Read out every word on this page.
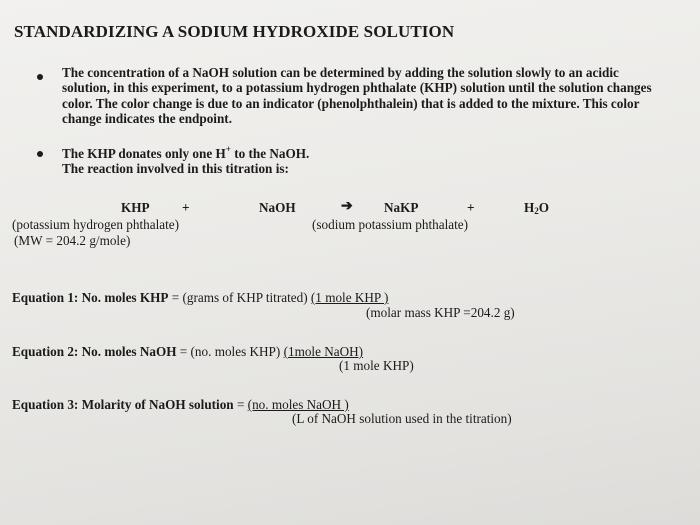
STANDARDIZING A SODIUM HYDROXIDE SOLUTION
The concentration of a NaOH solution can be determined by adding the solution slowly to an acidic
solution, in this experiment, to a potassium hydrogen phthalate (KHP) solution until the solution changes
color. The color change is due to an indicator (phenolphthalein) that is added to the mixture. This color
change indicates the endpoint.
The KHP donates only one H+ to the NaOH.
The reaction involved in this titration is:
KHP +	NaOH	➔ NaKP	+	$H_2O$
(potassium hydrogen phthalate)
(MW = 204.2 g/mole)
(sodium potassium phthalate)
Equation 1: No. moles KHP = (grams of KHP titrated) (1 mole KHP )
(molar mass KHP =204.2 g)
Equation 2: No. moles NaOH = (no. moles KHP) (1mole NaOH)
(1 mole KHP)
Equation 3: Molarity of NaOH solution = (no. moles NaOH )
(L of NaOH solution used in the titration)
